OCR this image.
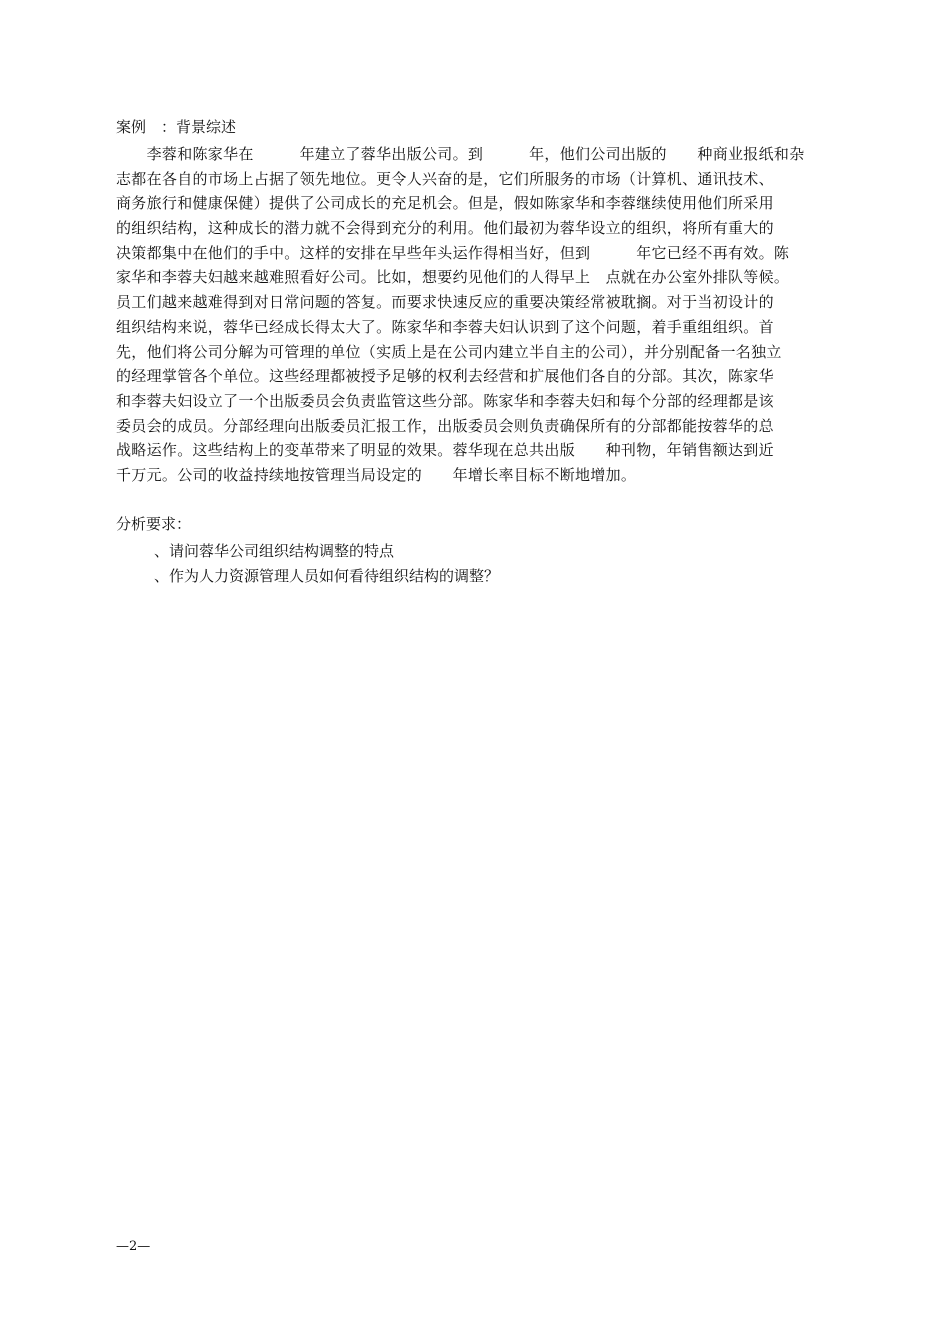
案例　：背景综述
　　李蓉和陈家华在　　　年建立了蓉华出版公司。到　　　年，他们公司出版的　　种商业报纸和杂
志都在各自的市场上占据了领先地位。更令人兴奋的是，它们所服务的市场（计算机、通讯技术、
商务旅行和健康保健）提供了公司成长的充足机会。但是，假如陈家华和李蓉继续使用他们所采用
的组织结构，这种成长的潜力就不会得到充分的利用。他们最初为蓉华设立的组织，将所有重大的
决策都集中在他们的手中。这样的安排在早些年头运作得相当好，但到　　　年它已经不再有效。陈
家华和李蓉夫妇越来越难照看好公司。比如，想要约见他们的人得早上　点就在办公室外排队等候。
员工们越来越难得到对日常问题的答复。而要求快速反应的重要决策经常被耽搁。对于当初设计的
组织结构来说，蓉华已经成长得太大了。陈家华和李蓉夫妇认识到了这个问题，着手重组组织。首
先，他们将公司分解为可管理的单位（实质上是在公司内建立半自主的公司），并分别配备一名独立
的经理掌管各个单位。这些经理都被授予足够的权利去经营和扩展他们各自的分部。其次，陈家华
和李蓉夫妇设立了一个出版委员会负责监管这些分部。陈家华和李蓉夫妇和每个分部的经理都是该
委员会的成员。分部经理向出版委员汇报工作，出版委员会则负责确保所有的分部都能按蓉华的总
战略运作。这些结构上的变革带来了明显的效果。蓉华现在总共出版　　种刊物，年销售额达到近
千万元。公司的收益持续地按管理当局设定的　　年增长率目标不断地增加。
分析要求：
、请问蓉华公司组织结构调整的特点
、作为人力资源管理人员如何看待组织结构的调整？
—2—
